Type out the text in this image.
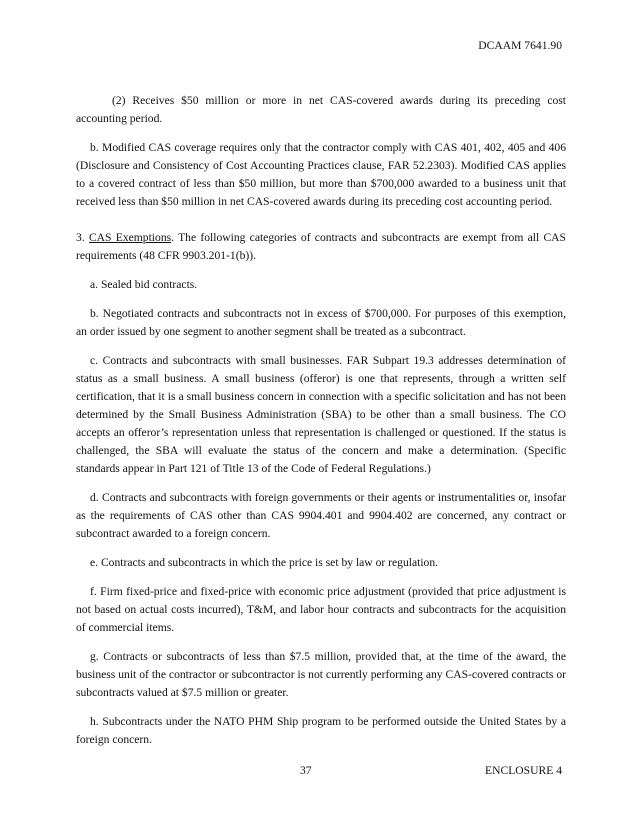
DCAAM 7641.90

(2) Receives $50 million or more in net CAS-covered awards during its preceding cost accounting period.

b. Modified CAS coverage requires only that the contractor comply with CAS 401, 402, 405 and 406 (Disclosure and Consistency of Cost Accounting Practices clause, FAR 52.2303). Modified CAS applies to a covered contract of less than $50 million, but more than $700,000 awarded to a business unit that received less than $50 million in net CAS-covered awards during its preceding cost accounting period.

3. CAS Exemptions. The following categories of contracts and subcontracts are exempt from all CAS requirements (48 CFR 9903.201-1(b)).

a. Sealed bid contracts.

b. Negotiated contracts and subcontracts not in excess of $700,000. For purposes of this exemption, an order issued by one segment to another segment shall be treated as a subcontract.

c. Contracts and subcontracts with small businesses. FAR Subpart 19.3 addresses determination of status as a small business. A small business (offeror) is one that represents, through a written self certification, that it is a small business concern in connection with a specific solicitation and has not been determined by the Small Business Administration (SBA) to be other than a small business. The CO accepts an offeror’s representation unless that representation is challenged or questioned. If the status is challenged, the SBA will evaluate the status of the concern and make a determination. (Specific standards appear in Part 121 of Title 13 of the Code of Federal Regulations.)

d. Contracts and subcontracts with foreign governments or their agents or instrumentalities or, insofar as the requirements of CAS other than CAS 9904.401 and 9904.402 are concerned, any contract or subcontract awarded to a foreign concern.

e. Contracts and subcontracts in which the price is set by law or regulation.

f. Firm fixed-price and fixed-price with economic price adjustment (provided that price adjustment is not based on actual costs incurred), T&M, and labor hour contracts and subcontracts for the acquisition of commercial items.

g. Contracts or subcontracts of less than $7.5 million, provided that, at the time of the award, the business unit of the contractor or subcontractor is not currently performing any CAS-covered contracts or subcontracts valued at $7.5 million or greater.

h. Subcontracts under the NATO PHM Ship program to be performed outside the United States by a foreign concern.

37	ENCLOSURE 4
